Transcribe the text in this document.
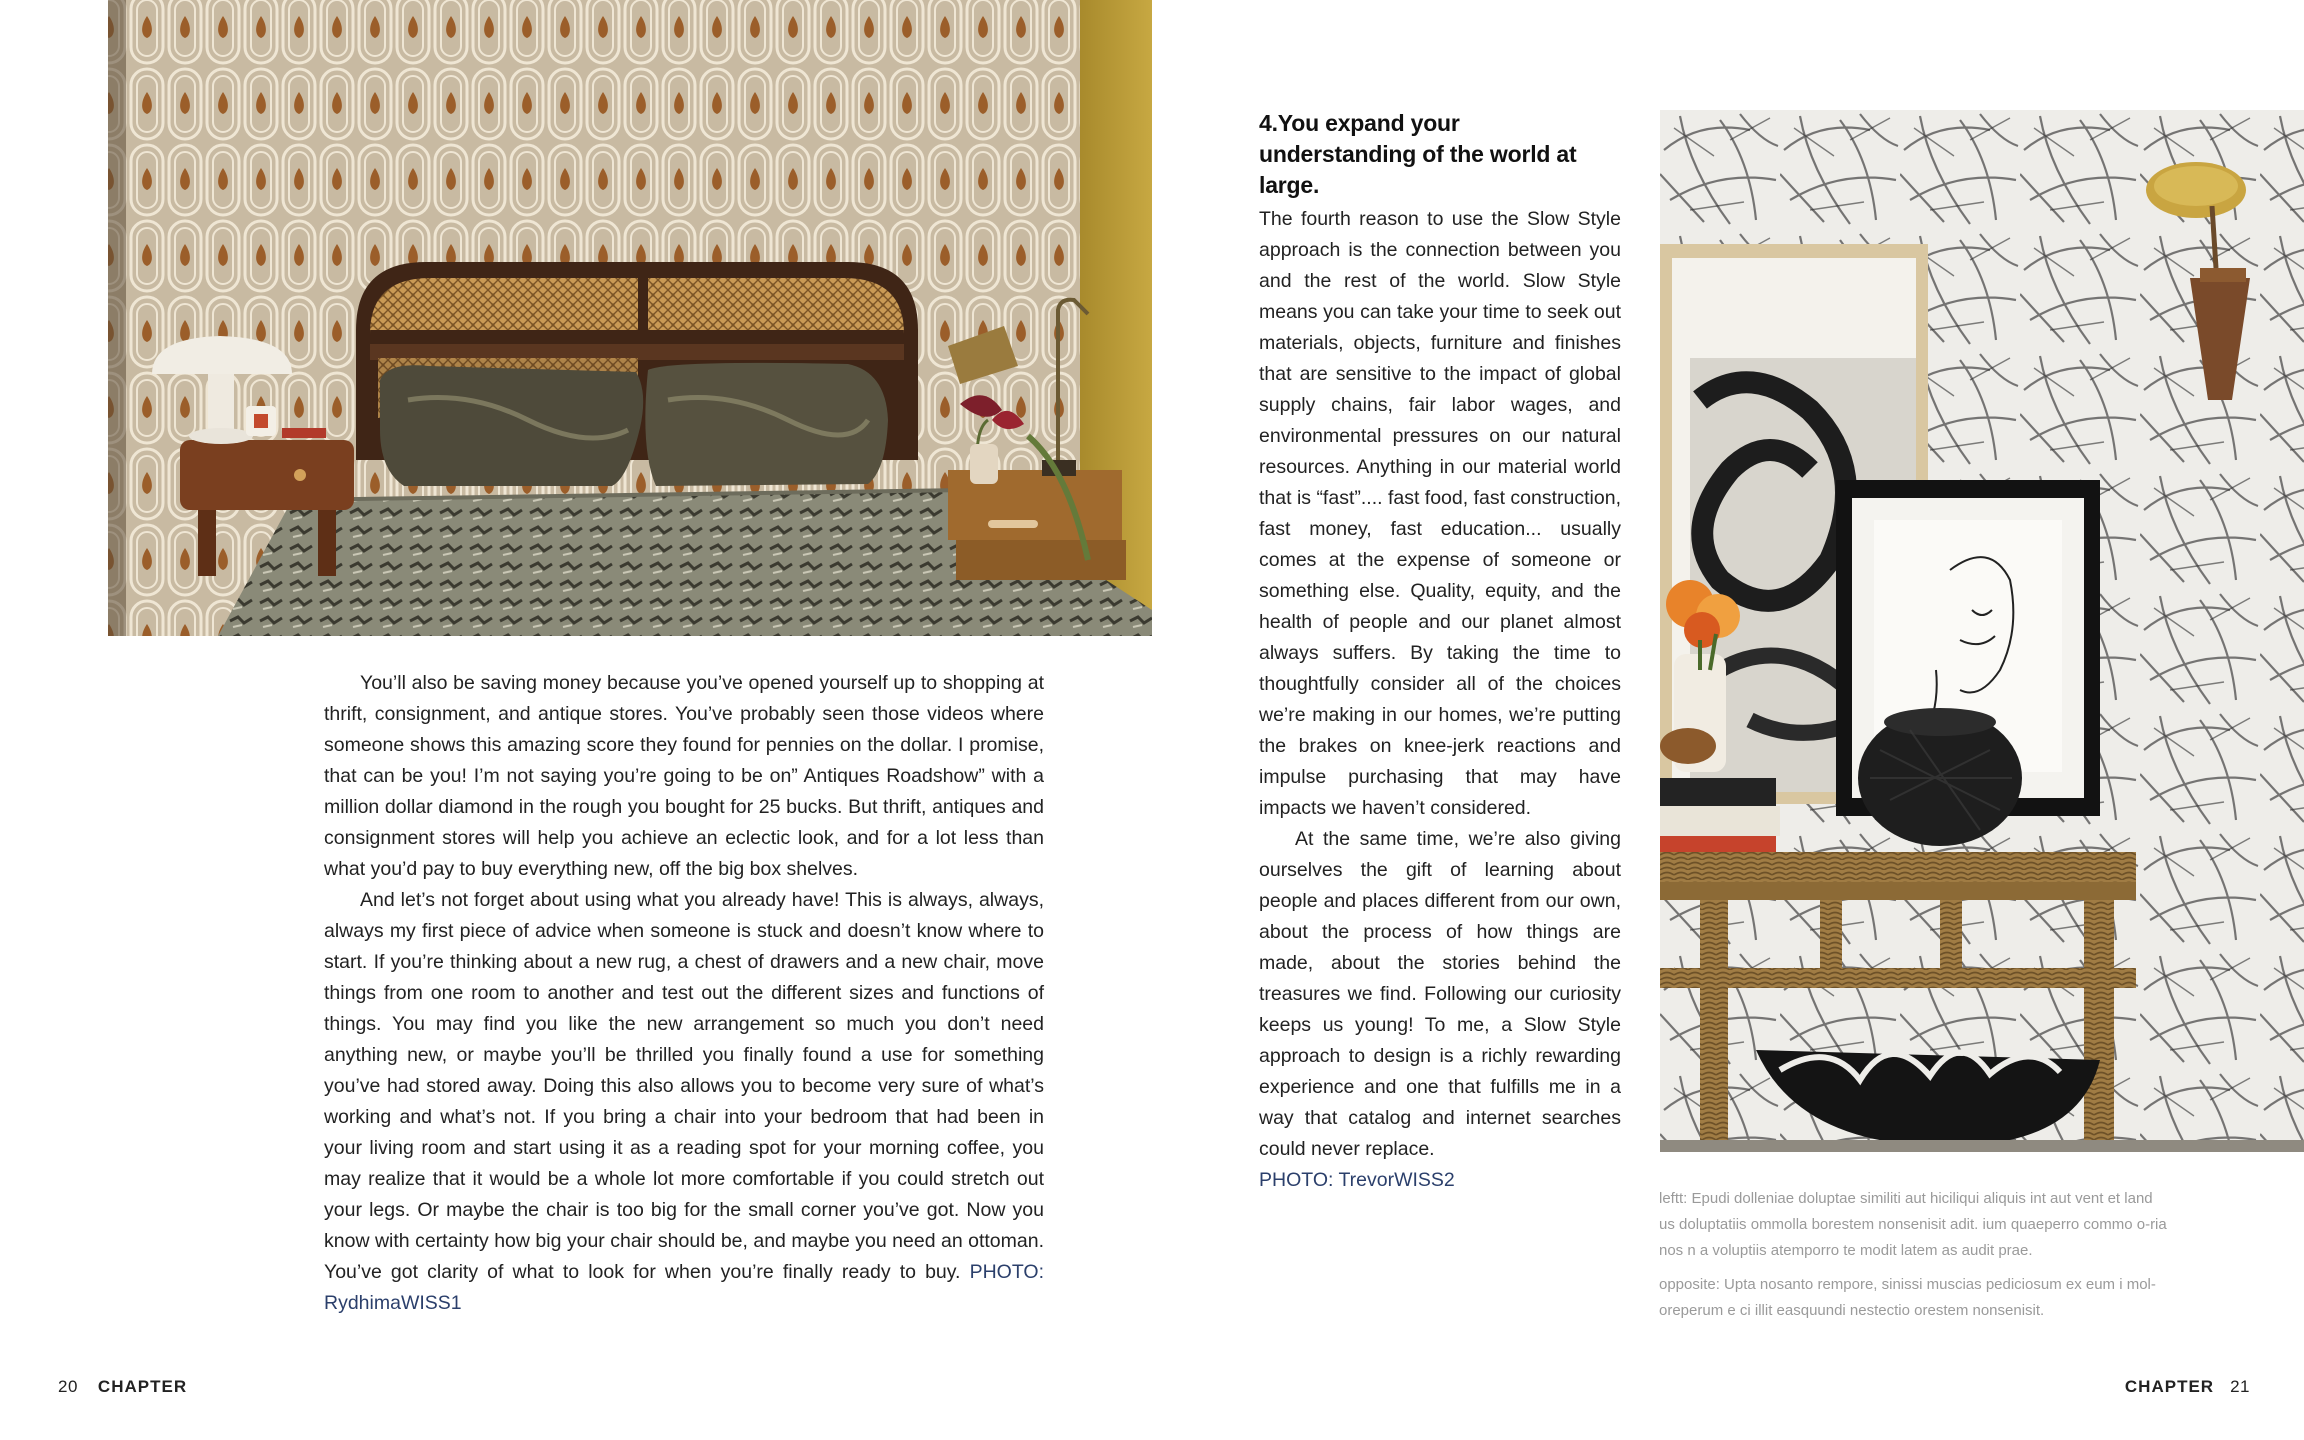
You’ll also be saving money because you’ve opened yourself up to shopping at thrift, consignment, and antique stores. You’ve probably seen those videos where someone shows this amazing score they found for pennies on the dollar. I promise, that can be you! I’m not saying you’re going to be on” Antiques Roadshow” with a million dollar diamond in the rough you bought for 25 bucks. But thrift, antiques and consignment stores will help you achieve an eclectic look, and for a lot less than what you’d pay to buy everything new, off the big box shelves.

And let’s not forget about using what you already have! This is always, always, always my first piece of advice when someone is stuck and doesn’t know where to start. If you’re thinking about a new rug, a chest of drawers and a new chair, move things from one room to another and test out the different sizes and functions of things. You may find you like the new arrangement so much you don’t need anything new, or maybe you’ll be thrilled you finally found a use for something you’ve had stored away. Doing this also allows you to become very sure of what’s working and what’s not. If you bring a chair into your bedroom that had been in your living room and start using it as a reading spot for your morning coffee, you may realize that it would be a whole lot more comfortable if you could stretch out your legs. Or maybe the chair is too big for the small corner you’ve got. Now you know with certainty how big your chair should be, and maybe you need an ottoman. You’ve got clarity of what to look for when you’re finally ready to buy. PHOTO: RydhimaWISS1

4.You expand your understanding of the world at large.

The fourth reason to use the Slow Style approach is the connection between you and the rest of the world. Slow Style means you can take your time to seek out materials, objects, furniture and finishes that are sensitive to the impact of global supply chains, fair labor wages, and environmental pressures on our natural resources. Anything in our material world that is “fast”.... fast food, fast construction, fast money, fast education... usually comes at the expense of someone or something else. Quality, equity, and the health of people and our planet almost always suffers. By taking the time to thoughtfully consider all of the choices we’re making in our homes, we’re putting the brakes on knee-jerk reactions and impulse purchasing that may have impacts we haven’t considered.

At the same time, we’re also giving ourselves the gift of learning about people and places different from our own, about the process of how things are made, about the stories behind the treasures we find. Following our curiosity keeps us young! To me, a Slow Style approach to design is a richly rewarding experience and one that fulfills me in a way that catalog and internet searches could never replace.

PHOTO: TrevorWISS2

leftt: Epudi dolleniae doluptae similiti aut hiciliqui aliquis int aut vent et land us doluptatiis ommolla borestem nonsenisit adit. ium quaeperro commo o-ria nos n a voluptiis atemporro te modit latem as audit prae.

opposite: Upta nosanto rempore, sinissi muscias pediciosum ex eum i mol-oreperum e ci illit easquundi nestectio orestem nonsenisit.

20 CHAPTER	CHAPTER 21
